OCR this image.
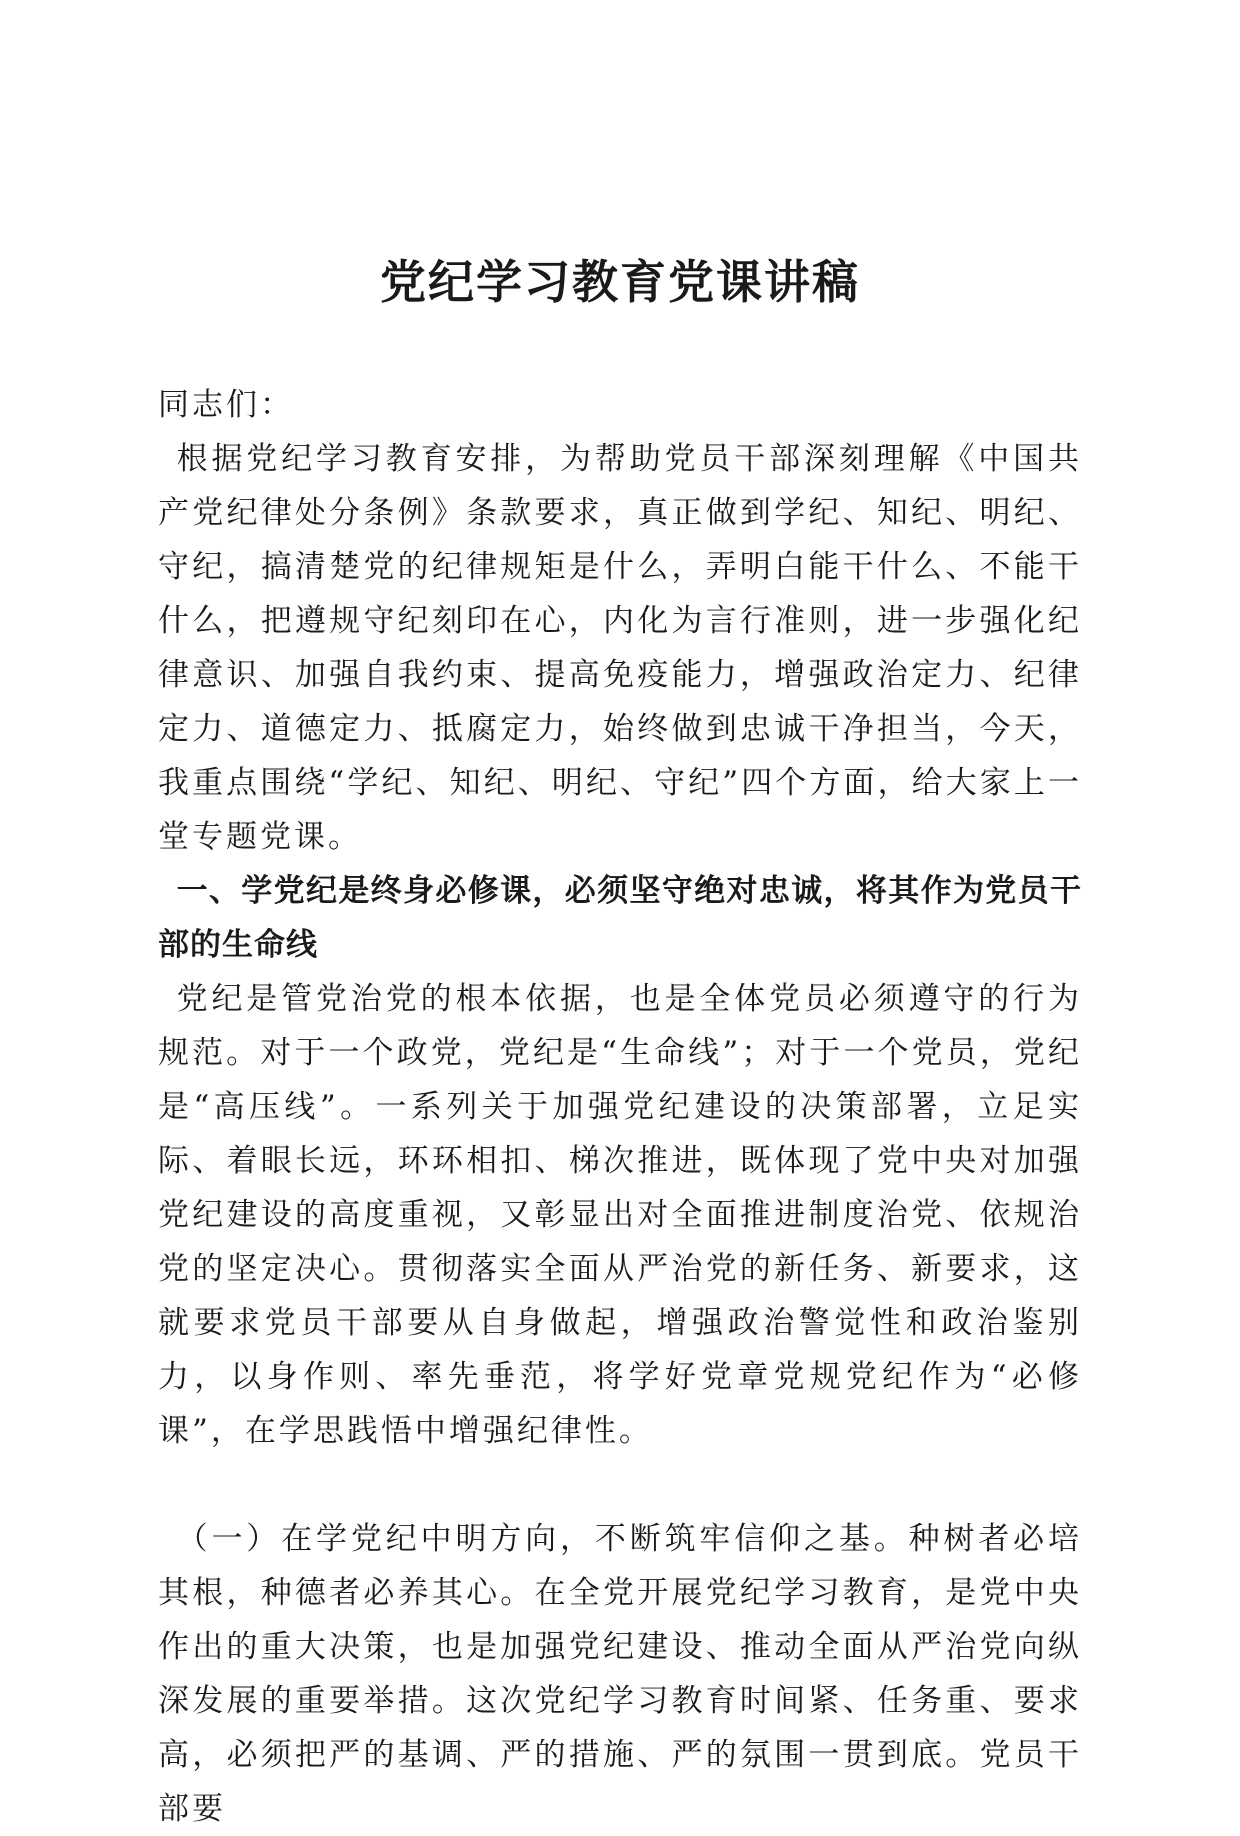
党纪学习教育党课讲稿

同志们：

根据党纪学习教育安排，为帮助党员干部深刻理解《中国共产党纪律处分条例》条款要求，真正做到学纪、知纪、明纪、守纪，搞清楚党的纪律规矩是什么，弄明白能干什么、不能干什么，把遵规守纪刻印在心，内化为言行准则，进一步强化纪律意识、加强自我约束、提高免疫能力，增强政治定力、纪律定力、道德定力、抵腐定力，始终做到忠诚干净担当，今天，我重点围绕“学纪、知纪、明纪、守纪”四个方面，给大家上一堂专题党课。

一、学党纪是终身必修课，必须坚守绝对忠诚，将其作为党员干部的生命线

党纪是管党治党的根本依据，也是全体党员必须遵守的行为规范。对于一个政党，党纪是“生命线”；对于一个党员，党纪是“高压线”。一系列关于加强党纪建设的决策部署，立足实际、着眼长远，环环相扣、梯次推进，既体现了党中央对加强党纪建设的高度重视，又彰显出对全面推进制度治党、依规治党的坚定决心。贯彻落实全面从严治党的新任务、新要求，这就要求党员干部要从自身做起，增强政治警觉性和政治鉴别力，以身作则、率先垂范，将学好党章党规党纪作为“必修课”，在学思践悟中增强纪律性。

（一）在学党纪中明方向，不断筑牢信仰之基。种树者必培其根，种德者必养其心。在全党开展党纪学习教育，是党中央作出的重大决策，也是加强党纪建设、推动全面从严治党向纵深发展的重要举措。这次党纪学习教育时间紧、任务重、要求高，必须把严的基调、严的措施、严的氛围一贯到底。党员干部要
